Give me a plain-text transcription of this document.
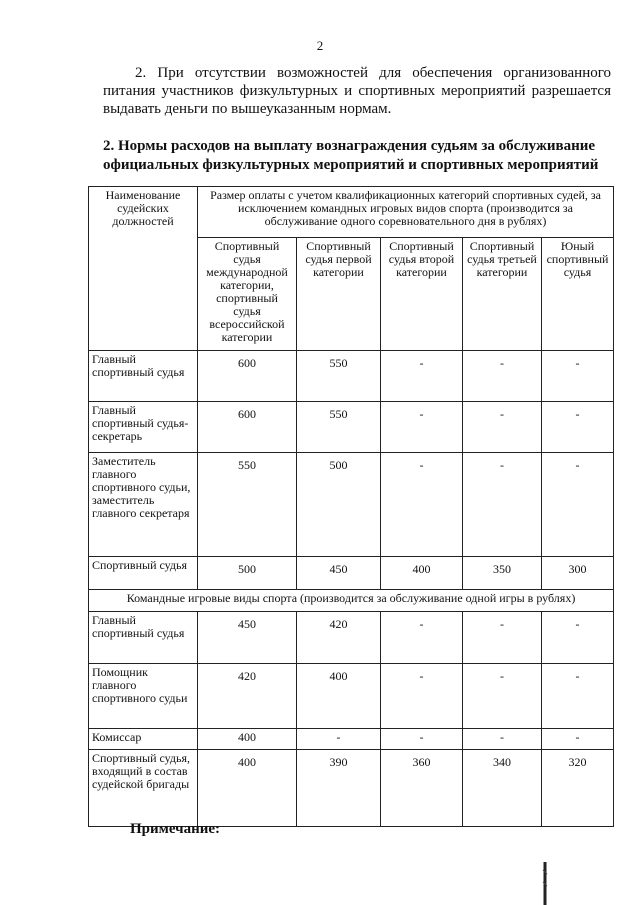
2
2. При отсутствии возможностей для обеспечения организованного питания участников физкультурных и спортивных мероприятий разрешается выдавать деньги по вышеуказанным нормам.
2. Нормы расходов на выплату вознаграждения судьям за обслуживание официальных физкультурных мероприятий и спортивных мероприятий
Наименование судейских должностей	Размер оплаты с учетом квалификационных категорий спортивных судей, за исключением командных игровых видов спорта (производится за обслуживание одного соревновательного дня в рублях)				
	Спортивный судья международной категории, спортивный судья всероссийской категории	Спортивный судья первой категории	Спортивный судья второй категории	Спортивный судья третьей категории	Юный спортивный судья
Главный спортивный судья	600	550	-	-	-
Главный спортивный судья-секретарь	600	550	-	-	-
Заместитель главного спортивного судьи, заместитель главного секретаря	550	500	-	-	-
Спортивный судья	500	450	400	350	300
Командные игровые виды спорта (производится за обслуживание одной игры в рублях)					
Главный спортивный судья	450	420	-	-	-
Помощник главного спортивного судьи	420	400	-	-	-
Комиссар	400	-	-	-	-
Спортивный судья, входящий в состав судейской бригады	400	390	360	340	320
Примечание:
